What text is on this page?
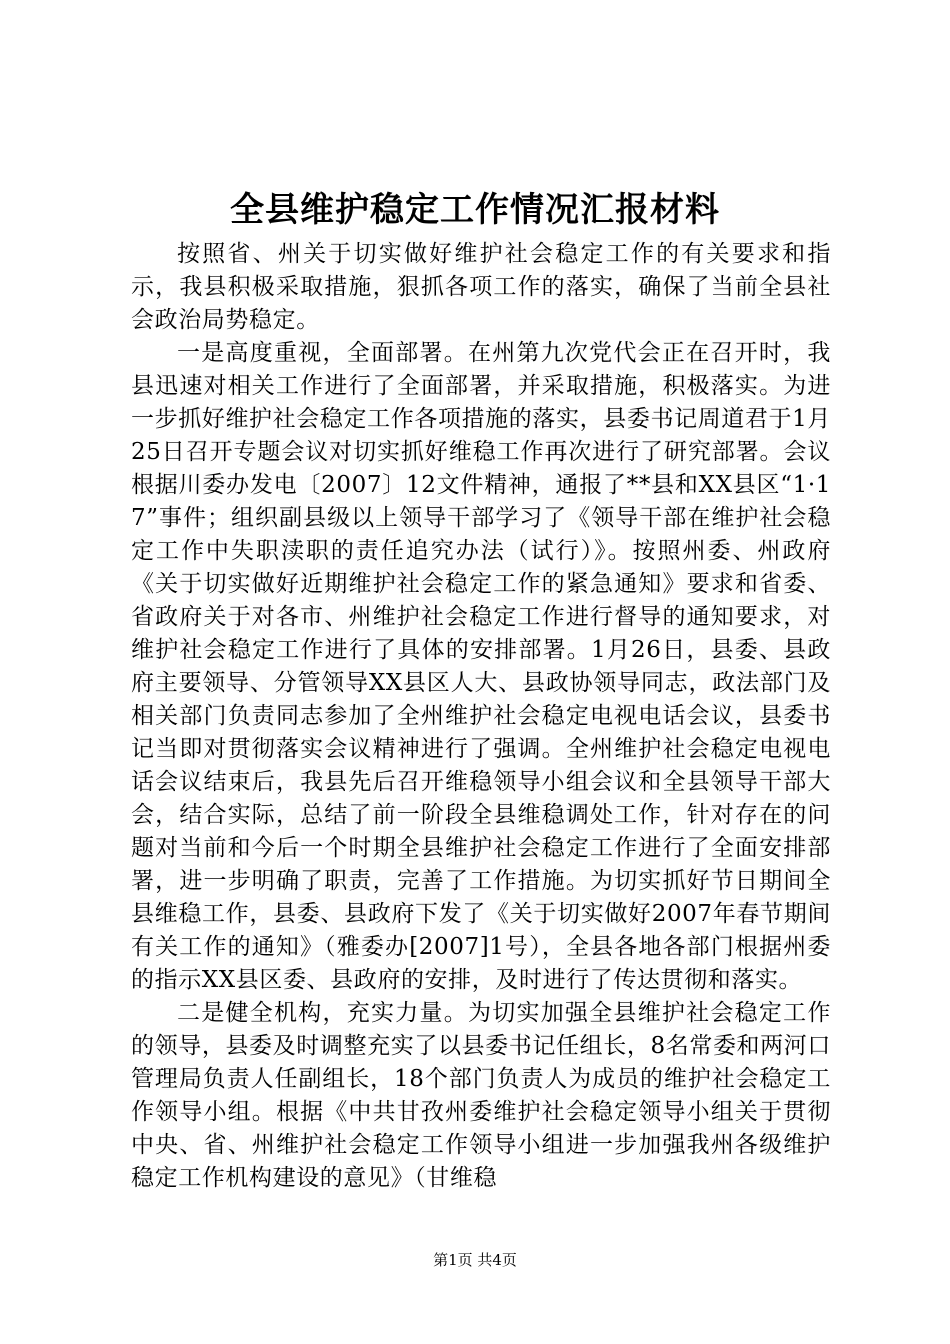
全县维护稳定工作情况汇报材料

按照省、州关于切实做好维护社会稳定工作的有关要求和指示，我县积极采取措施，狠抓各项工作的落实，确保了当前全县社会政治局势稳定。

一是高度重视，全面部署。在州第九次党代会正在召开时，我县迅速对相关工作进行了全面部署，并采取措施，积极落实。为进一步抓好维护社会稳定工作各项措施的落实，县委书记周道君于1月25日召开专题会议对切实抓好维稳工作再次进行了研究部署。会议根据川委办发电〔2007〕12文件精神，通报了**县和XX县区“1·17”事件；组织副县级以上领导干部学习了《领导干部在维护社会稳定工作中失职渎职的责任追究办法（试行）》。按照州委、州政府《关于切实做好近期维护社会稳定工作的紧急通知》要求和省委、省政府关于对各市、州维护社会稳定工作进行督导的通知要求，对维护社会稳定工作进行了具体的安排部署。1月26日，县委、县政府主要领导、分管领导XX县区人大、县政协领导同志，政法部门及相关部门负责同志参加了全州维护社会稳定电视电话会议，县委书记当即对贯彻落实会议精神进行了强调。全州维护社会稳定电视电话会议结束后，我县先后召开维稳领导小组会议和全县领导干部大会，结合实际，总结了前一阶段全县维稳调处工作，针对存在的问题对当前和今后一个时期全县维护社会稳定工作进行了全面安排部署，进一步明确了职责，完善了工作措施。为切实抓好节日期间全县维稳工作，县委、县政府下发了《关于切实做好2007年春节期间有关工作的通知》（雅委办[2007]1号），全县各地各部门根据州委的指示XX县区委、县政府的安排，及时进行了传达贯彻和落实。

二是健全机构，充实力量。为切实加强全县维护社会稳定工作的领导，县委及时调整充实了以县委书记任组长，8名常委和两河口管理局负责人任副组长，18个部门负责人为成员的维护社会稳定工作领导小组。根据《中共甘孜州委维护社会稳定领导小组关于贯彻中央、省、州维护社会稳定工作领导小组进一步加强我州各级维护稳定工作机构建设的意见》（甘维稳

第1页 共4页
